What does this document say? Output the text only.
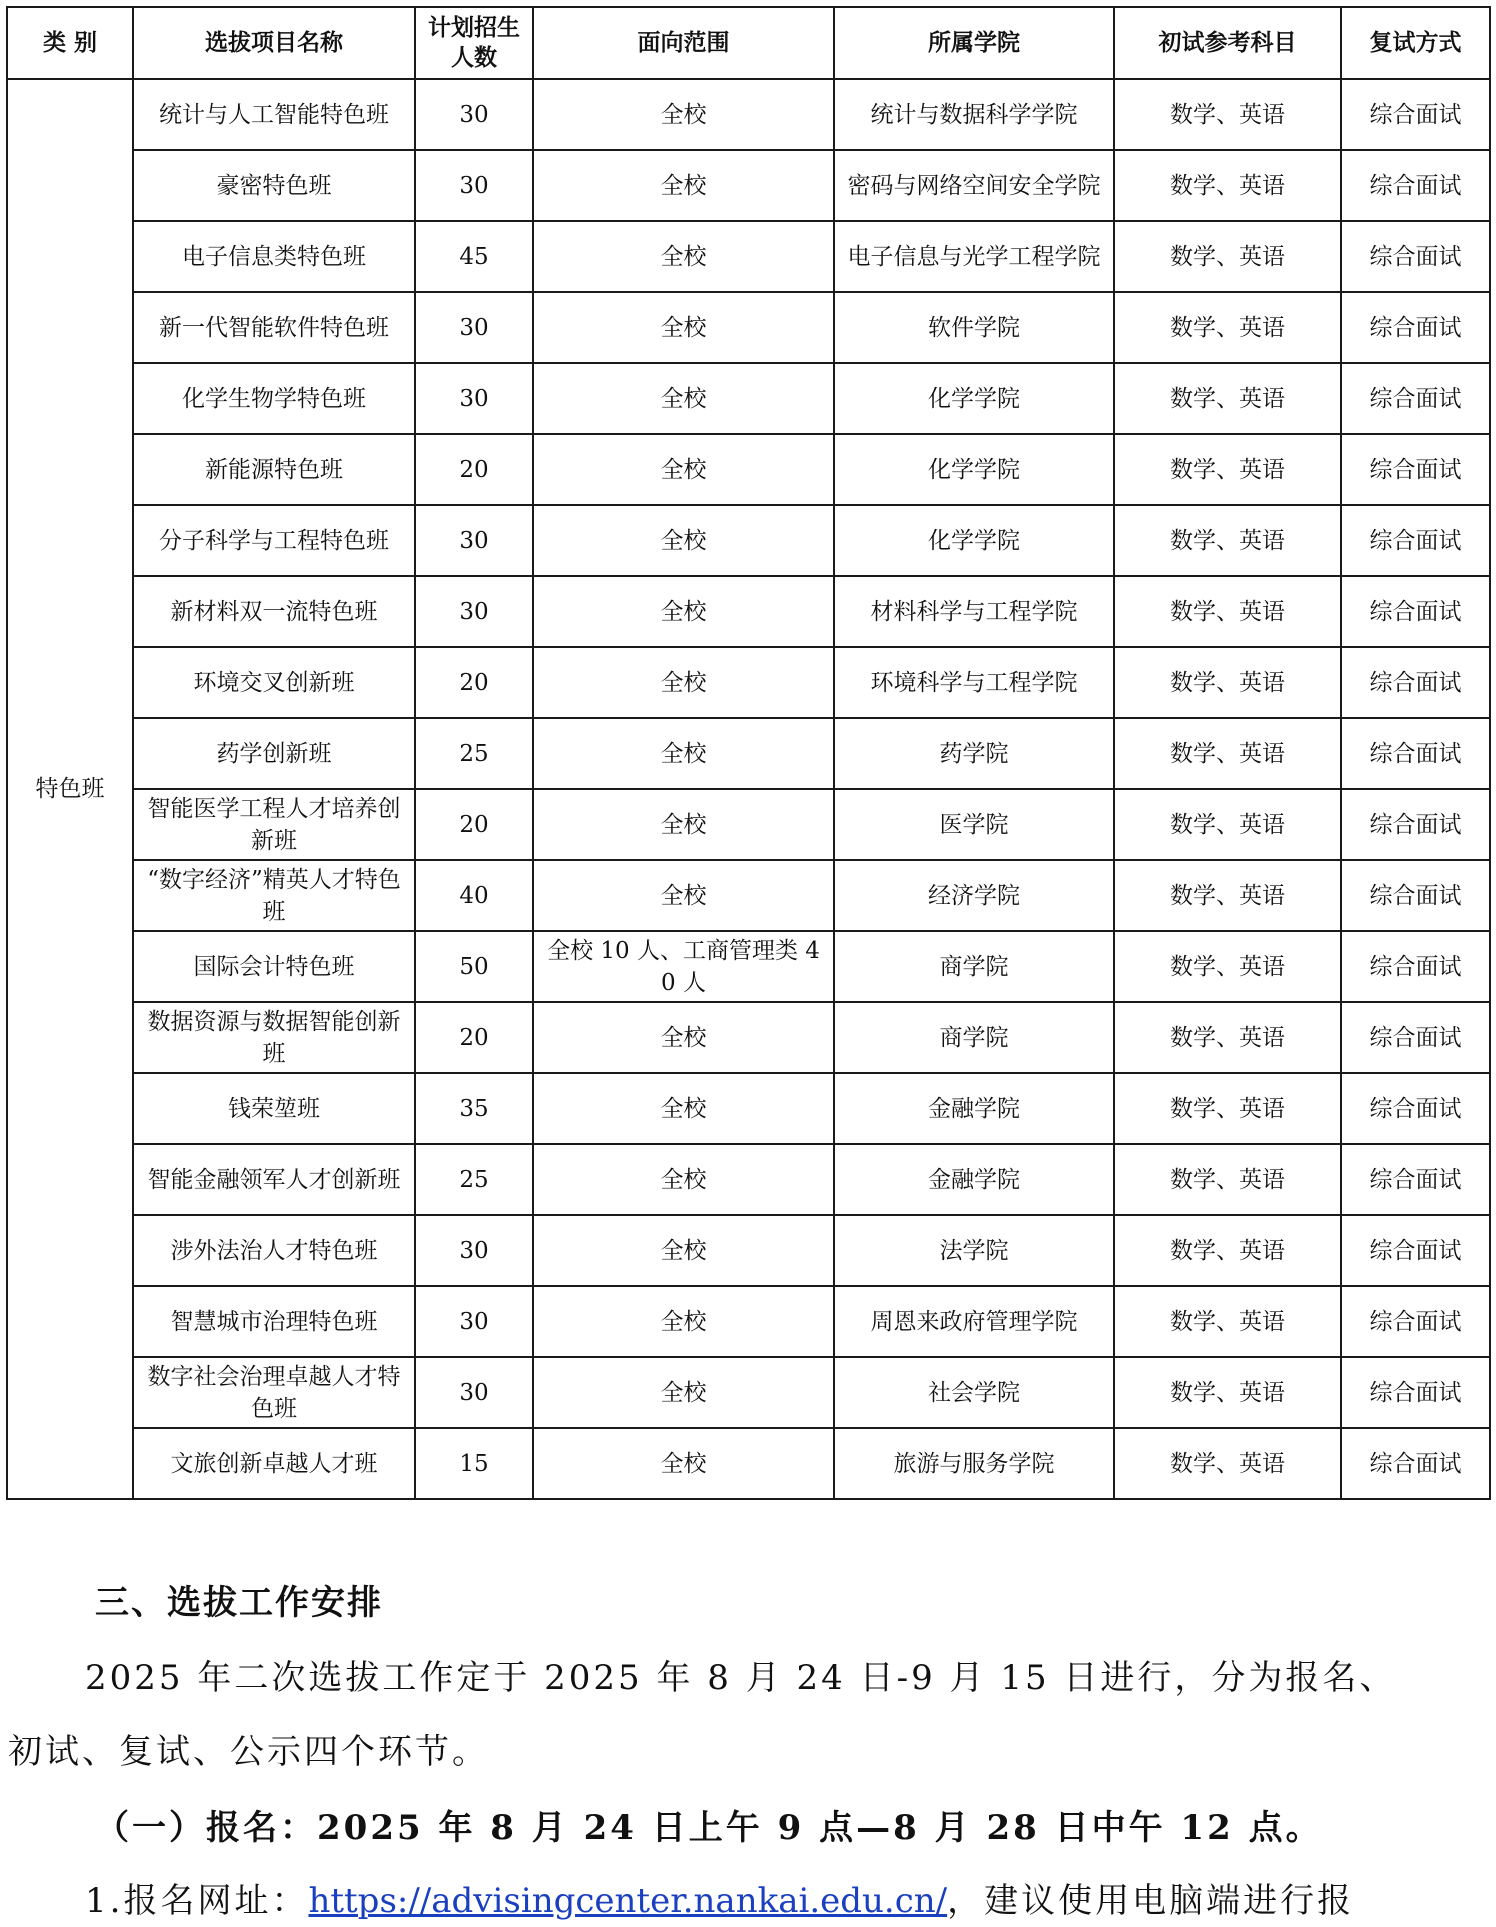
类 别	选拔项目名称	计划招生人数	面向范围	所属学院	初试参考科目	复试方式
特色班	统计与人工智能特色班	30	全校	统计与数据科学学院	数学、英语	综合面试
	豪密特色班	30	全校	密码与网络空间安全学院	数学、英语	综合面试
	电子信息类特色班	45	全校	电子信息与光学工程学院	数学、英语	综合面试
	新一代智能软件特色班	30	全校	软件学院	数学、英语	综合面试
	化学生物学特色班	30	全校	化学学院	数学、英语	综合面试
	新能源特色班	20	全校	化学学院	数学、英语	综合面试
	分子科学与工程特色班	30	全校	化学学院	数学、英语	综合面试
	新材料双一流特色班	30	全校	材料科学与工程学院	数学、英语	综合面试
	环境交叉创新班	20	全校	环境科学与工程学院	数学、英语	综合面试
	药学创新班	25	全校	药学院	数学、英语	综合面试
	智能医学工程人才培养创新班	20	全校	医学院	数学、英语	综合面试
	“数字经济”精英人才特色班	40	全校	经济学院	数学、英语	综合面试
	国际会计特色班	50	全校 10 人、工商管理类 40 人	商学院	数学、英语	综合面试
	数据资源与数据智能创新班	20	全校	商学院	数学、英语	综合面试
	钱荣堃班	35	全校	金融学院	数学、英语	综合面试
	智能金融领军人才创新班	25	全校	金融学院	数学、英语	综合面试
	涉外法治人才特色班	30	全校	法学院	数学、英语	综合面试
	智慧城市治理特色班	30	全校	周恩来政府管理学院	数学、英语	综合面试
	数字社会治理卓越人才特色班	30	全校	社会学院	数学、英语	综合面试
	文旅创新卓越人才班	15	全校	旅游与服务学院	数学、英语	综合面试
三、选拔工作安排
2025 年二次选拔工作定于 2025 年 8 月 24 日-9 月 15 日进行，分为报名、
初试、复试、公示四个环节。
（一）报名：2025 年 8 月 24 日上午 9 点—8 月 28 日中午 12 点。
1.报名网址：https://advisingcenter.nankai.edu.cn/，建议使用电脑端进行报
